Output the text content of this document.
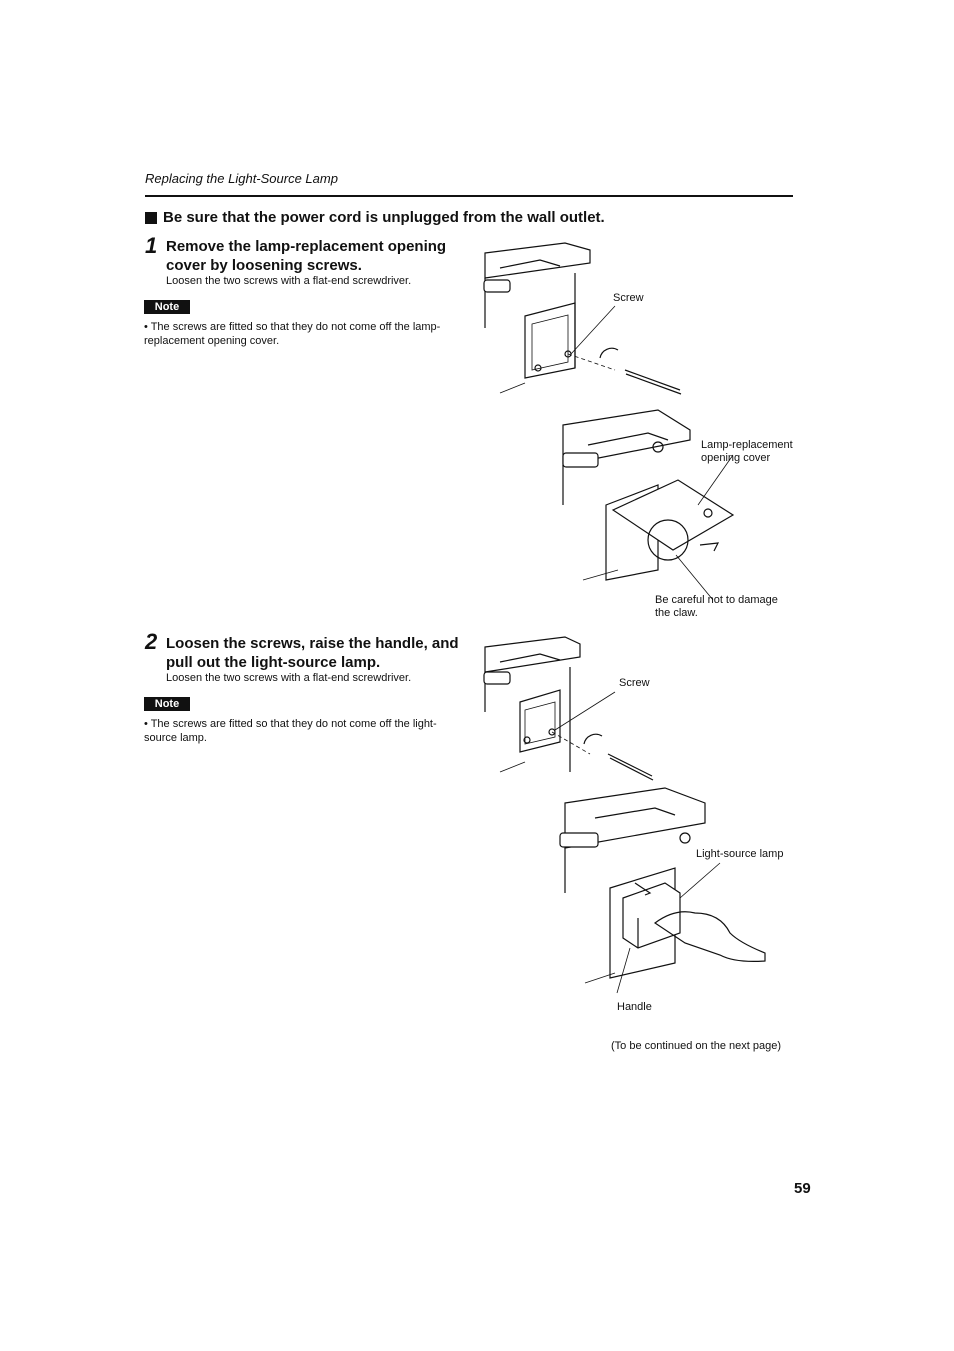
Replacing the Light-Source Lamp
Be sure that the power cord is unplugged from the wall outlet.
1 Remove the lamp-replacement opening cover by loosening screws.
Loosen the two screws with a flat-end screwdriver.
Note
• The screws are fitted so that they do not come off the lamp-replacement opening cover.
2 Loosen the screws, raise the handle, and pull out the light-source lamp.
Loosen the two screws with a flat-end screwdriver.
Note
• The screws are fitted so that they do not come off the light-source lamp.
Screw
Lamp-replacement opening cover
Be careful not to damage the claw.
Screw
Light-source lamp
Handle
(To be continued on the next page)
59
